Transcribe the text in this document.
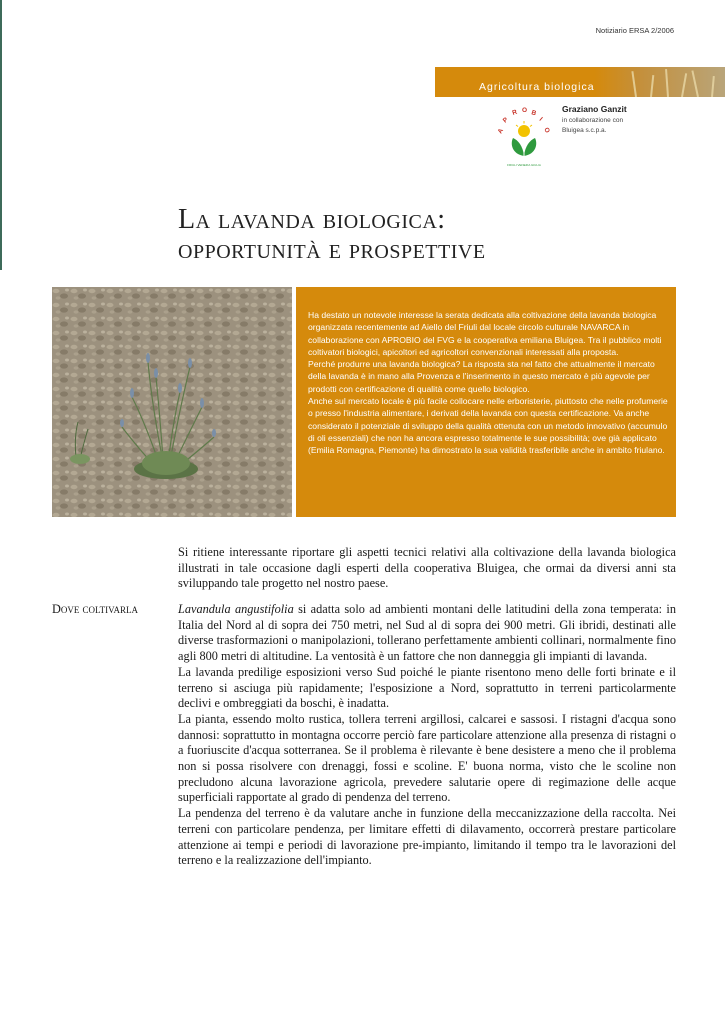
Notiziario ERSA 2/2006
Agricoltura biologica
A
P
R O B
I
O
FRIULI VENEZIA GIULIA
Graziano Ganzit
in collaborazione con
Bluigea s.c.p.a.
La lavanda biologica:
opportunità e prospettive

Ha destato un notevole interesse la serata dedicata alla coltivazione della lavanda biologica organizzata recentemente ad Aiello del Friuli dal locale circolo culturale NAVARCA in collaborazione con APROBIO del FVG e la cooperativa emiliana Bluigea. Tra il pubblico molti coltivatori biologici, apicoltori ed agricoltori convenzionali interessati alla proposta.

Perché produrre una lavanda biologica? La risposta sta nel fatto che attualmente il mercato della lavanda è in mano alla Provenza e l'inserimento in questo mercato è più agevole per prodotti con certificazione di qualità come quello biologico.

Anche sul mercato locale è più facile collocare nelle erboristerie, piuttosto che nelle profumerie o presso l'industria alimentare, i derivati della lavanda con questa certificazione. Va anche considerato il potenziale di sviluppo della qualità ottenuta con un metodo innovativo (accumulo di oli essenziali) che non ha ancora espresso totalmente le sue possibilità; ove già applicato (Emilia Romagna, Piemonte) ha dimostrato la sua validità trasferibile anche in ambito friulano.

Si ritiene interessante riportare gli aspetti tecnici relativi alla coltivazione della lavanda biologica illustrati in tale occasione dagli esperti della cooperativa Bluigea, che ormai da diversi anni sta sviluppando tale progetto nel nostro paese.

Dove coltivarla	Lavandula angustifolia si adatta solo ad ambienti montani delle latitudini della zona temperata: in Italia del Nord al di sopra dei 750 metri, nel Sud al di sopra dei 900 metri. Gli ibridi, destinati alle diverse trasformazioni o manipolazioni, tollerano perfettamente ambienti collinari, normalmente fino agli 800 metri di altitudine. La ventosità è un fattore che non danneggia gli impianti di lavanda.

La lavanda predilige esposizioni verso Sud poiché le piante risentono meno delle forti brinate e il terreno si asciuga più rapidamente; l'esposizione a Nord, soprattutto in terreni particolarmente declivi e ombreggiati da boschi, è inadatta.

La pianta, essendo molto rustica, tollera terreni argillosi, calcarei e sassosi. I ristagni d'acqua sono dannosi: soprattutto in montagna occorre perciò fare particolare attenzione alla presenza di ristagni o a fuoriuscite d'acqua sotterranea. Se il problema è rilevante è bene desistere a meno che il problema non si possa risolvere con drenaggi, fossi e scoline. E' buona norma, visto che le scoline non precludono alcuna lavorazione agricola, prevedere salutarie opere di regimazione delle acque superficiali rapportate al grado di pendenza del terreno.

La pendenza del terreno è da valutare anche in funzione della meccanizzazione della raccolta. Nei terreni con particolare pendenza, per limitare effetti di dilavamento, occorrerà prestare particolare attenzione ai tempi e periodi di lavorazione pre-impianto, limitando il tempo tra le lavorazioni del terreno e la realizzazione dell'impianto.
